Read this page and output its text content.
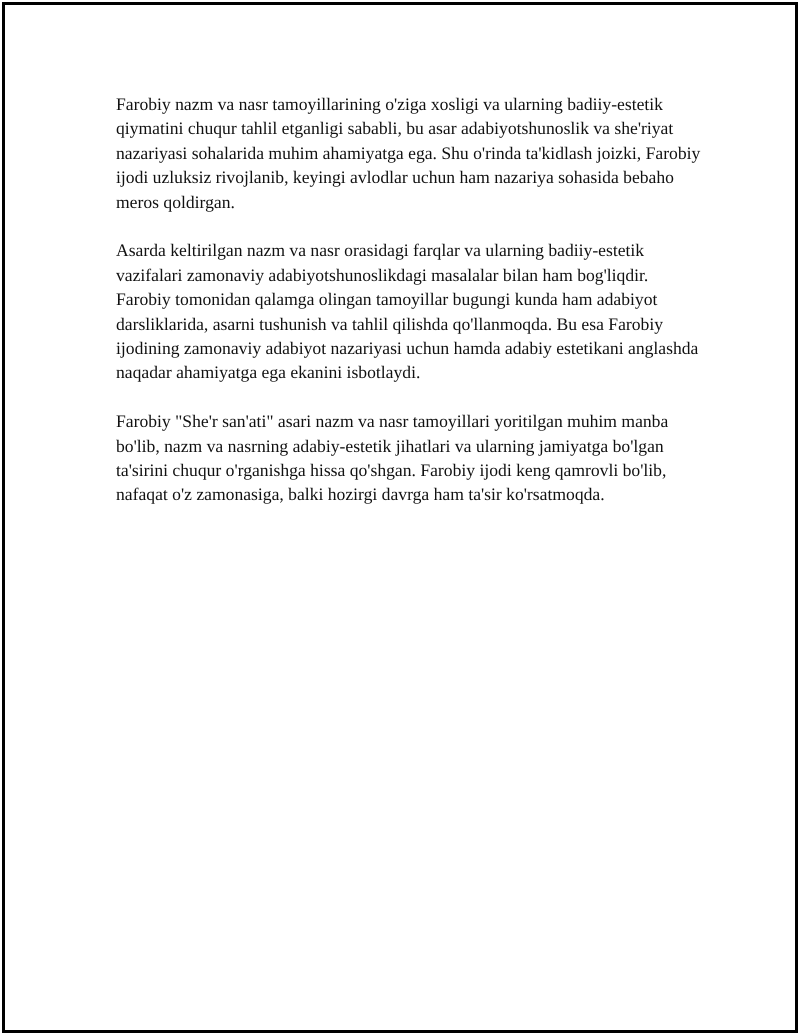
Farobiy nazm va nasr tamoyillarining o'ziga xosligi va ularning badiiy-estetik qiymatini chuqur tahlil etganligi sababli, bu asar adabiyotshunoslik va she'riyat nazariyasi sohalarida muhim ahamiyatga ega. Shu o'rinda ta'kidlash joizki, Farobiy ijodi uzluksiz rivojlanib, keyingi avlodlar uchun ham nazariya sohasida bebaho meros qoldirgan.

Asarda keltirilgan nazm va nasr orasidagi farqlar va ularning badiiy-estetik vazifalari zamonaviy adabiyotshunoslikdagi masalalar bilan ham bog'liqdir. Farobiy tomonidan qalamga olingan tamoyillar bugungi kunda ham adabiyot darsliklarida, asarni tushunish va tahlil qilishda qo'llanmoqda. Bu esa Farobiy ijodining zamonaviy adabiyot nazariyasi uchun hamda adabiy estetikani anglashda naqadar ahamiyatga ega ekanini isbotlaydi.

Farobiy "She'r san'ati" asari nazm va nasr tamoyillari yoritilgan muhim manba bo'lib, nazm va nasrning adabiy-estetik jihatlari va ularning jamiyatga bo'lgan ta'sirini chuqur o'rganishga hissa qo'shgan. Farobiy ijodi keng qamrovli bo'lib, nafaqat o'z zamonasiga, balki hozirgi davrga ham ta'sir ko'rsatmoqda.
